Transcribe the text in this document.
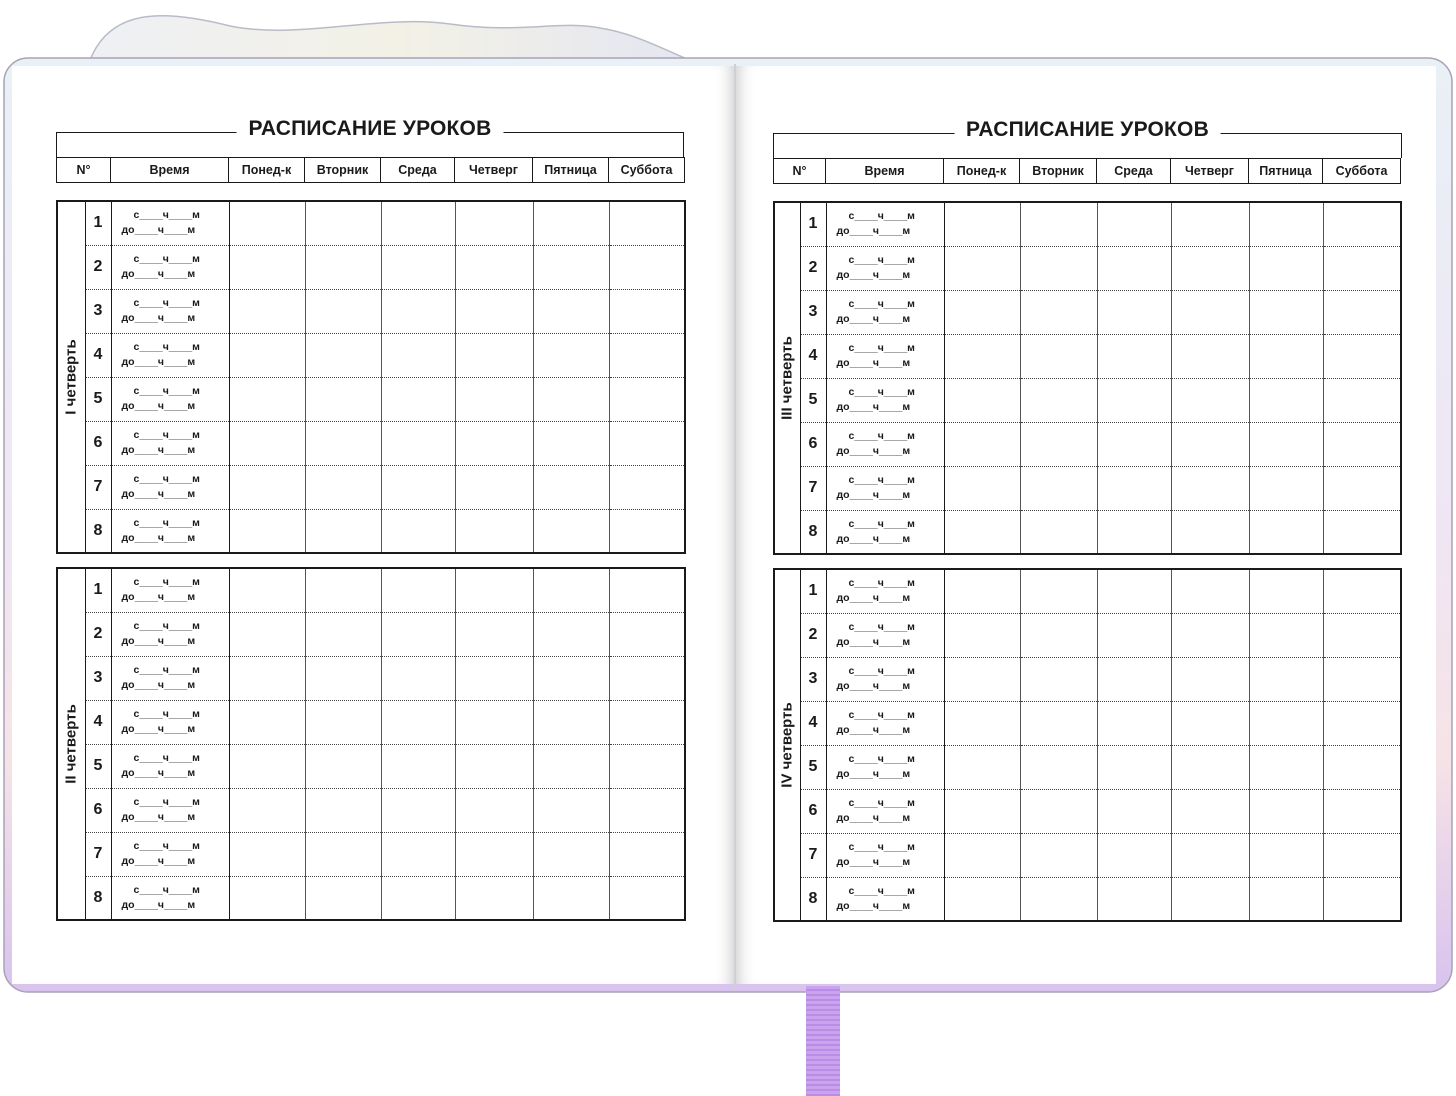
РАСПИСАНИЕ УРОКОВ
N°	Время	Понед-к	Вторник	Среда	Четверг	Пятница	Суббота
I четверть	1	с____ч____м
до____ч____м						

	2	с____ч____м
до____ч____м						

	3	с____ч____м
до____ч____м						

	4	с____ч____м
до____ч____м						

	5	с____ч____м
до____ч____м						

	6	с____ч____м
до____ч____м						

	7	с____ч____м
до____ч____м						

	8	с____ч____м
до____ч____м						

II четверть	1	с____ч____м
до____ч____м						

	2	с____ч____м
до____ч____м						

	3	с____ч____м
до____ч____м						

	4	с____ч____м
до____ч____м						

	5	с____ч____м
до____ч____м						

	6	с____ч____м
до____ч____м						

	7	с____ч____м
до____ч____м						

	8	с____ч____м
до____ч____м						

РАСПИСАНИЕ УРОКОВ
N°	Время	Понед-к	Вторник	Среда	Четверг	Пятница	Суббота
III четверть	1	с____ч____м
до____ч____м						

	2	с____ч____м
до____ч____м						

	3	с____ч____м
до____ч____м						

	4	с____ч____м
до____ч____м						

	5	с____ч____м
до____ч____м						

	6	с____ч____м
до____ч____м						

	7	с____ч____м
до____ч____м						

	8	с____ч____м
до____ч____м						

IV четверть	1	с____ч____м
до____ч____м						

	2	с____ч____м
до____ч____м						

	3	с____ч____м
до____ч____м						

	4	с____ч____м
до____ч____м						

	5	с____ч____м
до____ч____м						

	6	с____ч____м
до____ч____м						

	7	с____ч____м
до____ч____м						

	8	с____ч____м
до____ч____м						
